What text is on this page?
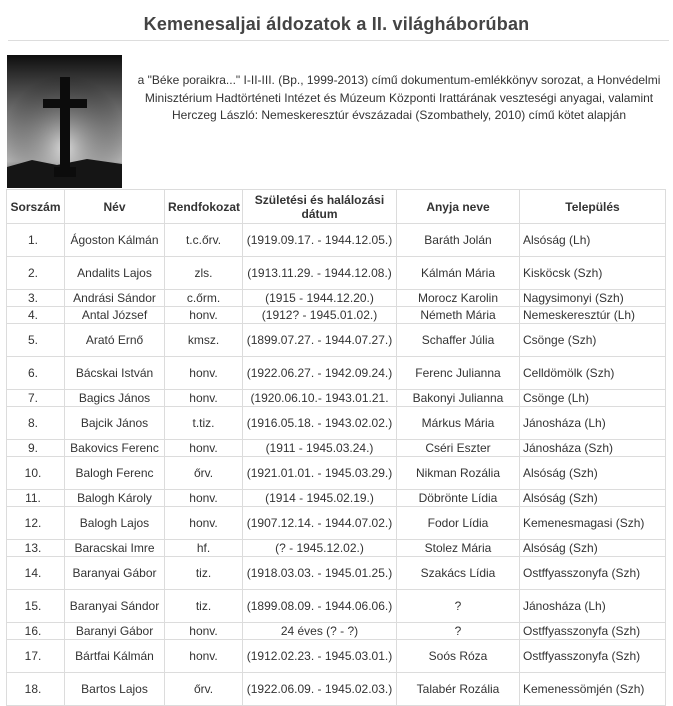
Kemenesaljai áldozatok a II. világháborúban
a "Béke poraikra..." I-II-III. (Bp., 1999-2013) című dokumentum-emlékkönyv sorozat, a Honvédelmi Minisztérium Hadtörténeti Intézet és Múzeum Központi Irattárának veszteségi anyagai, valamint Herczeg László: Nemeskeresztúr évszázadai (Szombathely, 2010) című kötet alapján
Sorszám	Név	Rendfokozat	Születési és halálozási dátum	Anyja neve	Település
1.	Ágoston Kálmán	t.c.őrv.	(1919.09.17. - 1944.12.05.)	Baráth Jolán	Alsóság (Lh)
2.	Andalits Lajos	zls.	(1913.11.29. - 1944.12.08.)	Kálmán Mária	Kisköcsk (Szh)
3.	Andrási Sándor	c.őrm.	(1915 - 1944.12.20.)	Morocz Karolin	Nagysimonyi (Szh)
4.	Antal József	honv.	(1912? - 1945.01.02.)	Németh Mária	Nemeskeresztúr (Lh)
5.	Arató Ernő	kmsz.	(1899.07.27. - 1944.07.27.)	Schaffer Júlia	Csönge (Szh)
6.	Bácskai István	honv.	(1922.06.27. - 1942.09.24.)	Ferenc Julianna	Celldömölk (Szh)
7.	Bagics János	honv.	(1920.06.10.- 1943.01.21.	Bakonyi Julianna	Csönge (Lh)
8.	Bajcik János	t.tiz.	(1916.05.18. - 1943.02.02.)	Márkus Mária	Jánosháza (Lh)
9.	Bakovics Ferenc	honv.	(1911 - 1945.03.24.)	Cséri Eszter	Jánosháza (Szh)
10.	Balogh Ferenc	őrv.	(1921.01.01. - 1945.03.29.)	Nikman Rozália	Alsóság (Szh)
11.	Balogh Károly	honv.	(1914 - 1945.02.19.)	Döbrönte Lídia	Alsóság (Szh)
12.	Balogh Lajos	honv.	(1907.12.14. - 1944.07.02.)	Fodor Lídia	Kemenesmagasi (Szh)
13.	Baracskai Imre	hf.	(? - 1945.12.02.)	Stolez Mária	Alsóság (Szh)
14.	Baranyai Gábor	tiz.	(1918.03.03. - 1945.01.25.)	Szakács Lídia	Ostffyasszonyfa (Szh)
15.	Baranyai Sándor	tiz.	(1899.08.09. - 1944.06.06.)	?	Jánosháza (Lh)
16.	Baranyi Gábor	honv.	24 éves (? - ?)	?	Ostffyasszonyfa (Szh)
17.	Bártfai Kálmán	honv.	(1912.02.23. - 1945.03.01.)	Soós Róza	Ostffyasszonyfa (Szh)
18.	Bartos Lajos	őrv.	(1922.06.09. - 1945.02.03.)	Talabér Rozália	Kemenessömjén (Szh)
